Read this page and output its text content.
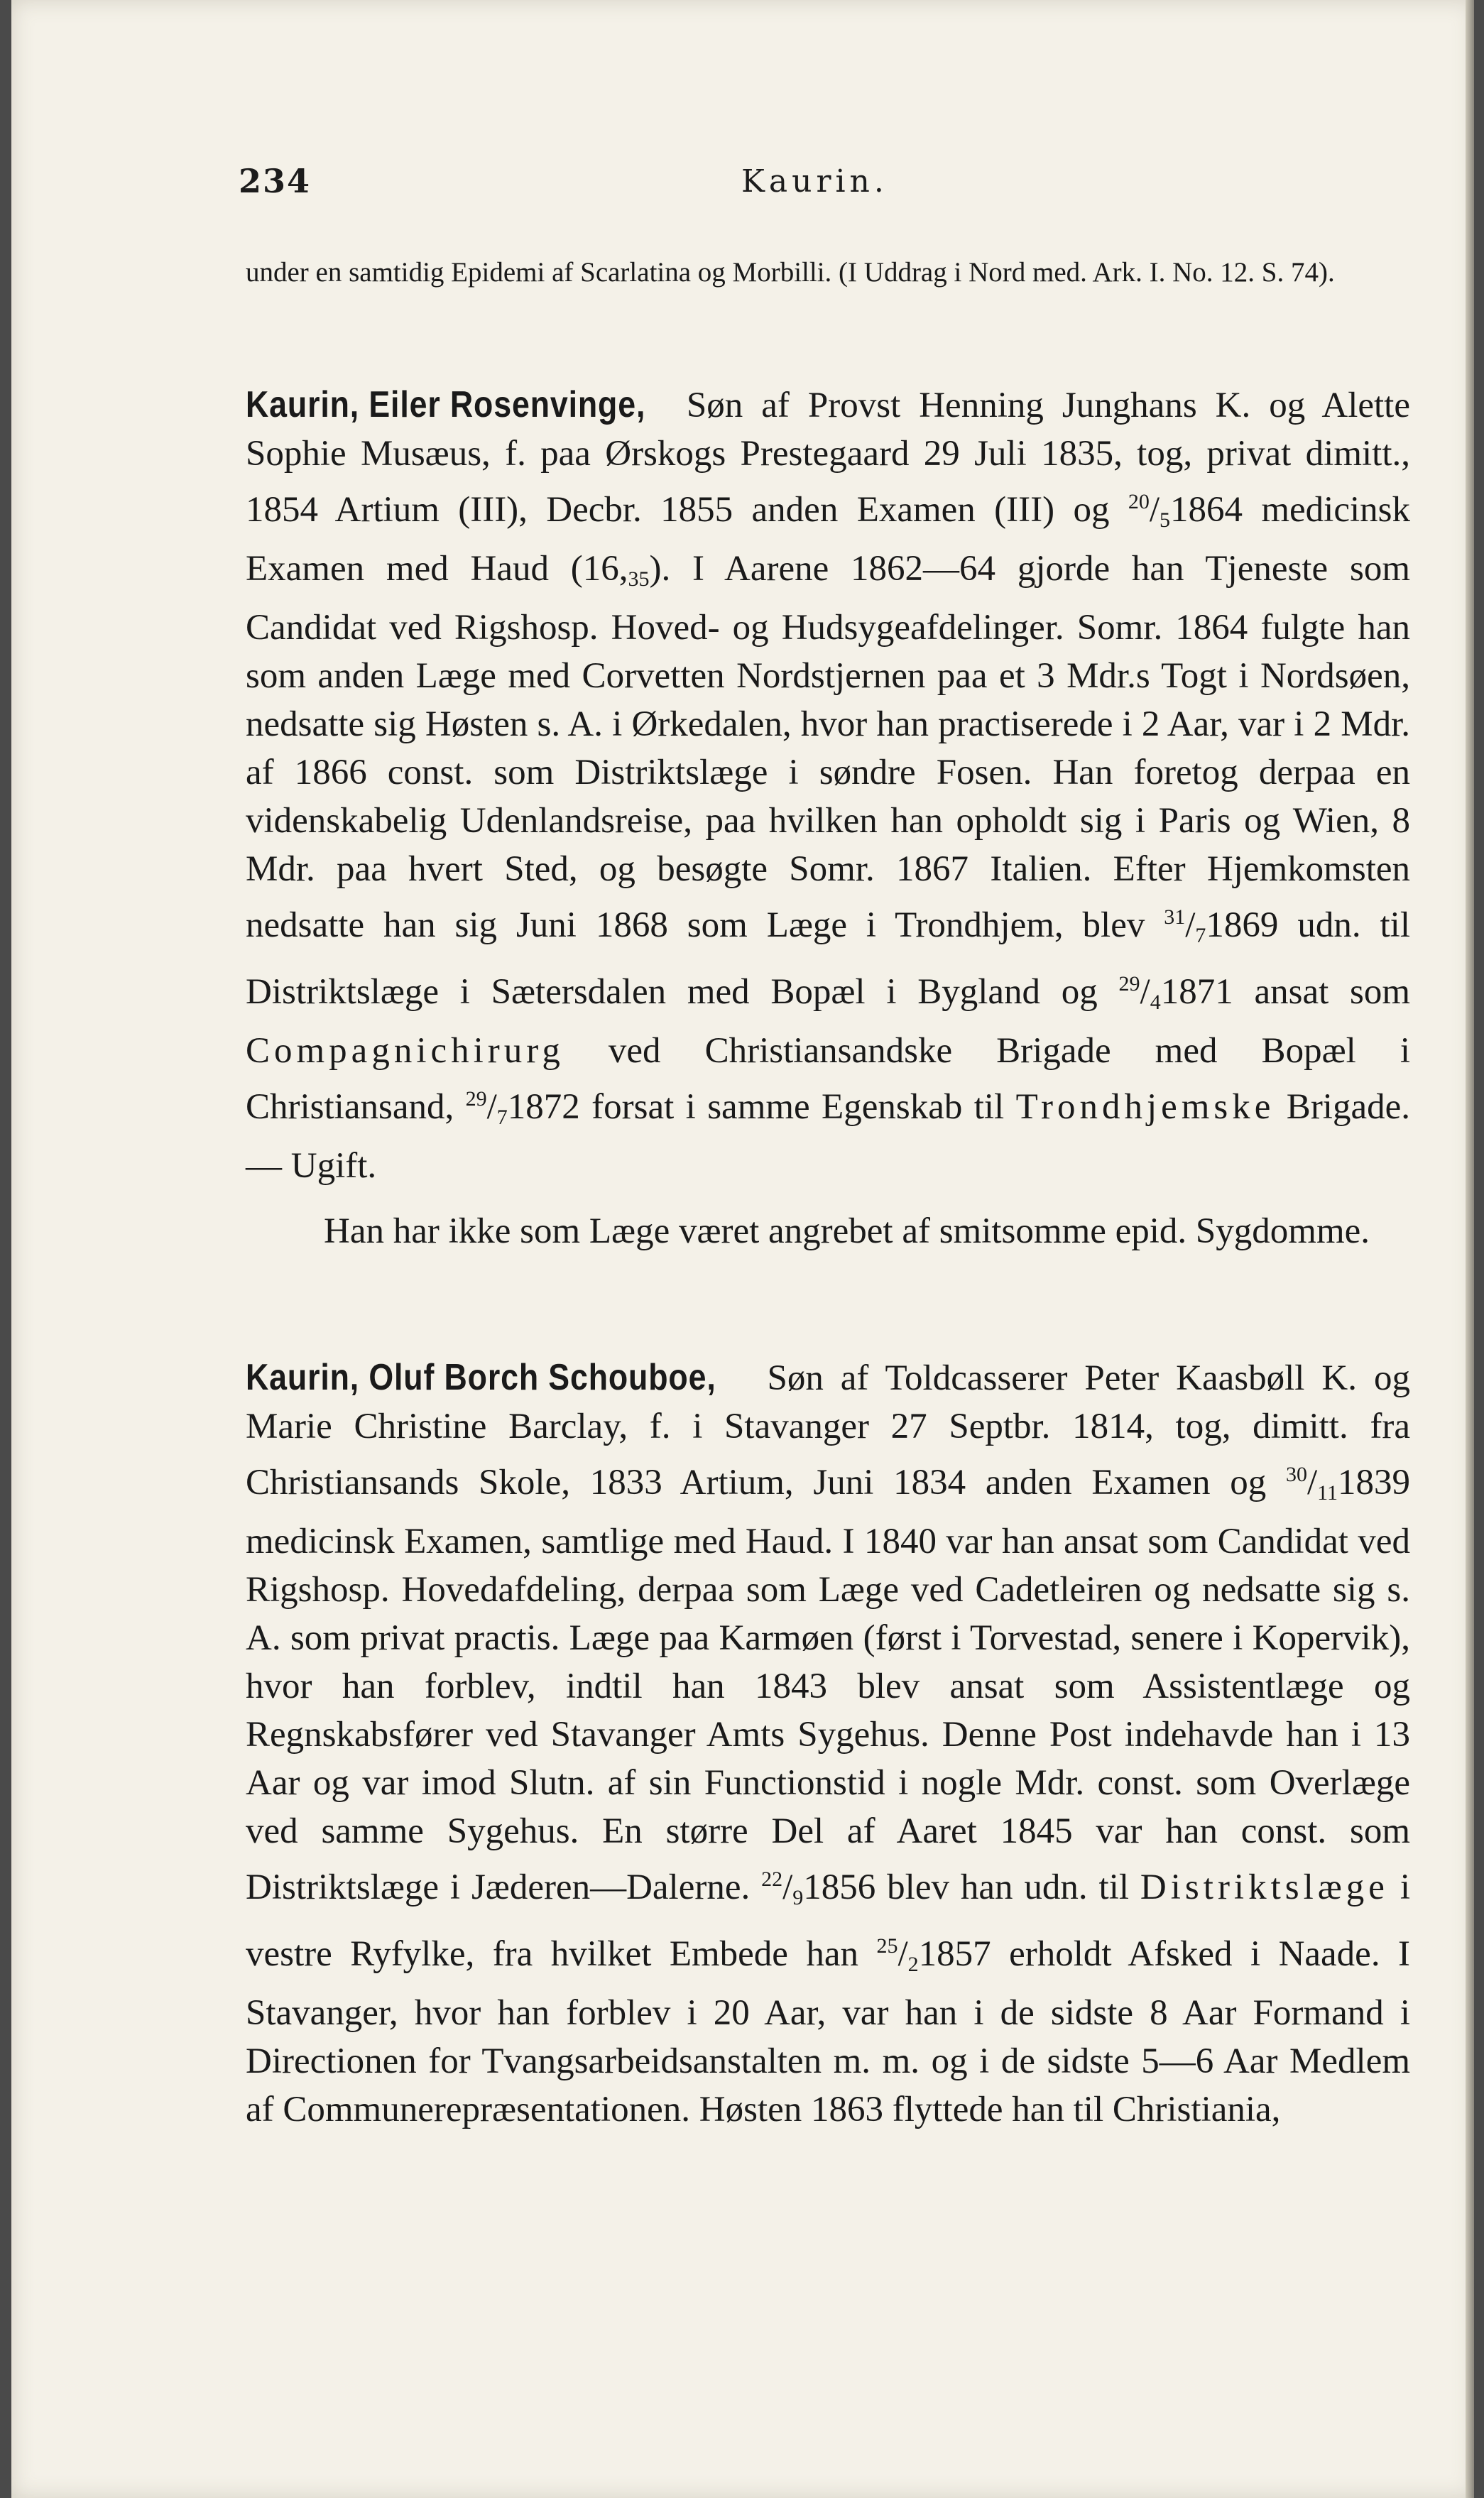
234	Kaurin.

under en samtidig Epidemi af Scarlatina og Morbilli. (I Uddrag i Nord med. Ark. I. No. 12. S. 74).

Kaurin, Eiler Rosenvinge, Søn af Provst Henning Junghans K. og Alette Sophie Musæus, f. paa Ørskogs Prestegaard 29 Juli 1835, tog, privat dimitt., 1854 Artium (III), Decbr. 1855 anden Examen (III) og $^{20}$/51864 medicinsk Examen med Haud (16,35). I Aarene 1862—64 gjorde han Tjeneste som Candidat ved Rigshosp. Hoved- og Hudsygeafdelinger. Somr. 1864 fulgte han som anden Læge med Corvetten Nordstjernen paa et 3 Mdr.s Togt i Nordsøen, nedsatte sig Høsten s. A. i Ørkedalen, hvor han practiserede i 2 Aar, var i 2 Mdr. af 1866 const. som Distriktslæge i søndre Fosen. Han foretog derpaa en videnskabelig Udenlandsreise, paa hvilken han opholdt sig i Paris og Wien, 8 Mdr. paa hvert Sted, og besøgte Somr. 1867 Italien. Efter Hjemkomsten nedsatte han sig Juni 1868 som Læge i Trondhjem, blev $^{31}$/71869 udn. til Distriktslæge i Sætersdalen med Bopæl i Bygland og $^{29}$/41871 ansat som Compagnichirurg ved Christiansandske Brigade med Bopæl i Christiansand, $^{29}$/71872 forsat i samme Egenskab til Trondhjemske Brigade. — Ugift.

Han har ikke som Læge været angrebet af smitsomme epid. Sygdomme.

Kaurin, Oluf Borch Schouboe, Søn af Toldcasserer Peter Kaasbøll K. og Marie Christine Barclay, f. i Stavanger 27 Septbr. 1814, tog, dimitt. fra Christiansands Skole, 1833 Artium, Juni 1834 anden Examen og $^{30}$/111839 medicinsk Examen, samtlige med Haud. I 1840 var han ansat som Candidat ved Rigshosp. Hovedafdeling, derpaa som Læge ved Cadetleiren og nedsatte sig s. A. som privat practis. Læge paa Karmøen (først i Torvestad, senere i Kopervik), hvor han forblev, indtil han 1843 blev ansat som Assistentlæge og Regnskabsfører ved Stavanger Amts Sygehus. Denne Post indehavde han i 13 Aar og var imod Slutn. af sin Functionstid i nogle Mdr. const. som Overlæge ved samme Sygehus. En større Del af Aaret 1845 var han const. som Distriktslæge i Jæderen—Dalerne. $^{22}$/91856 blev han udn. til Distriktslæge i vestre Ryfylke, fra hvilket Embede han $^{25}$/21857 erholdt Afsked i Naade. I Stavanger, hvor han forblev i 20 Aar, var han i de sidste 8 Aar Formand i Directionen for Tvangsarbeidsanstalten m. m. og i de sidste 5—6 Aar Medlem af Communerepræsentationen. Høsten 1863 flyttede han til Christiania,
